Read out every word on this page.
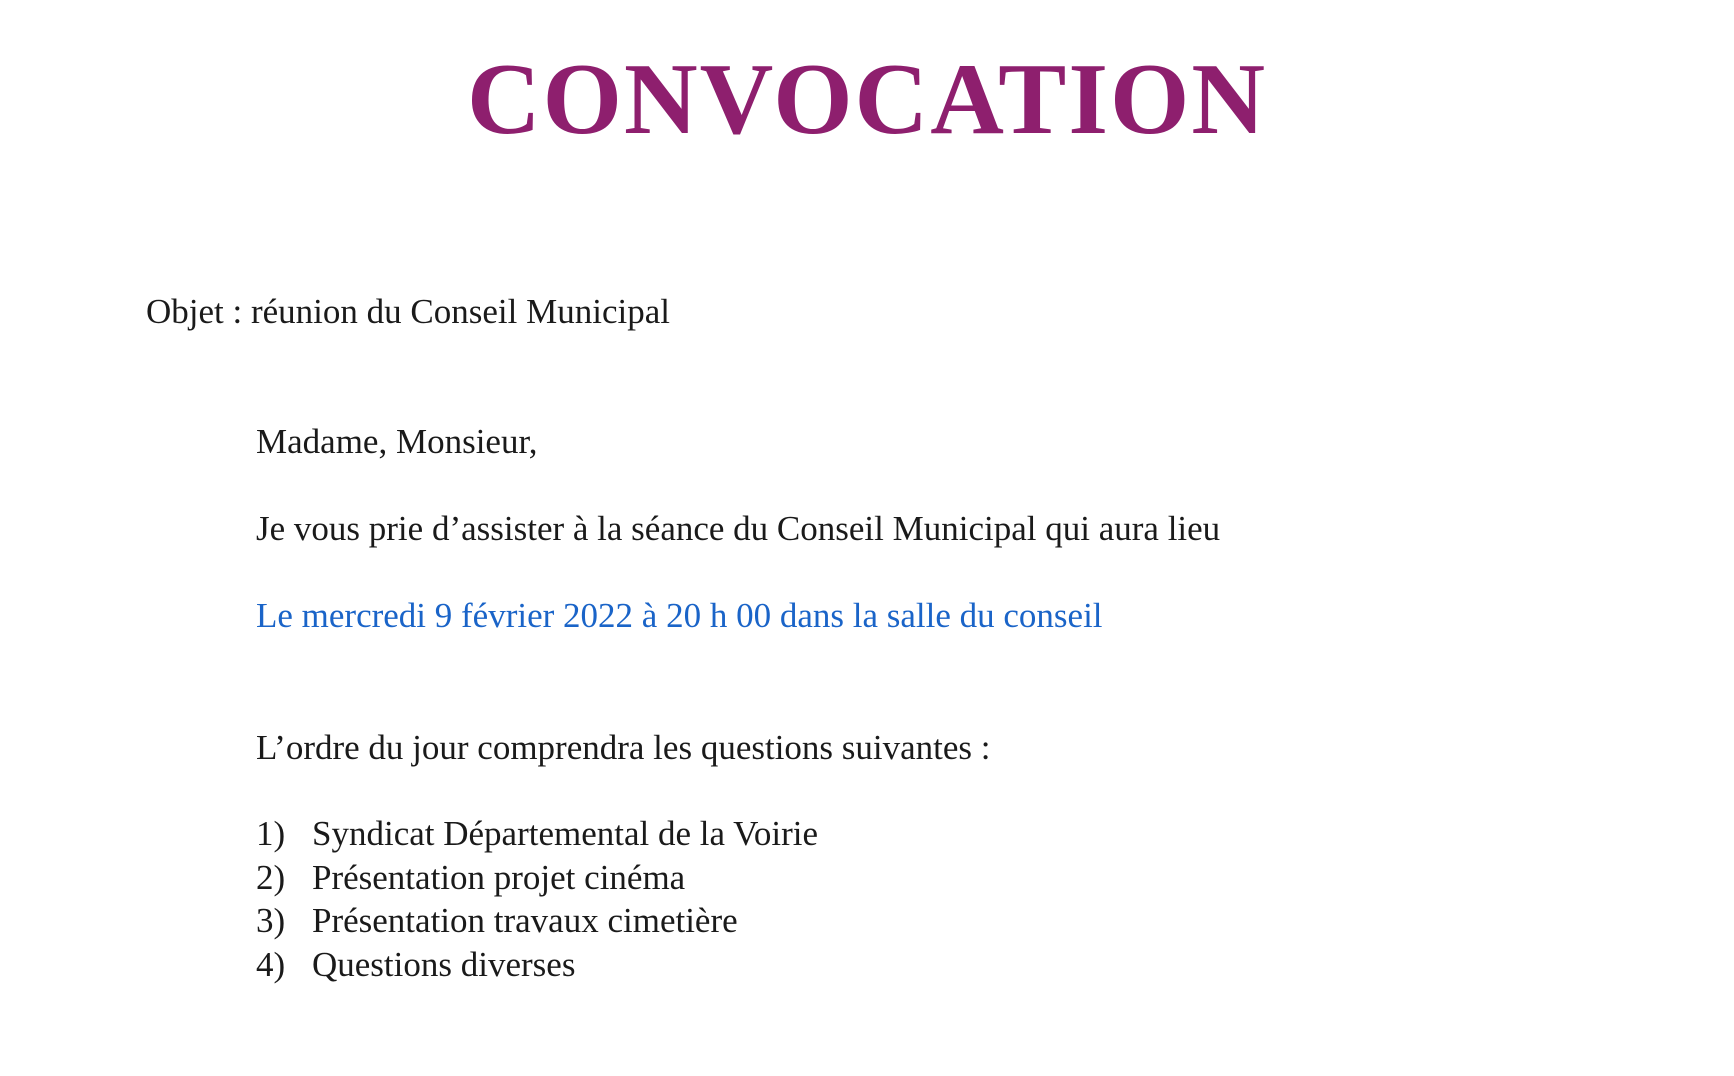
CONVOCATION

Objet : réunion du Conseil Municipal

Madame, Monsieur,

Je vous prie d’assister à la séance du Conseil Municipal qui aura lieu

Le mercredi 9 février 2022 à 20 h 00 dans la salle du conseil

L’ordre du jour comprendra les questions suivantes :

1) Syndicat Départemental de la Voirie
2) Présentation projet cinéma
3) Présentation travaux cimetière
4) Questions diverses
